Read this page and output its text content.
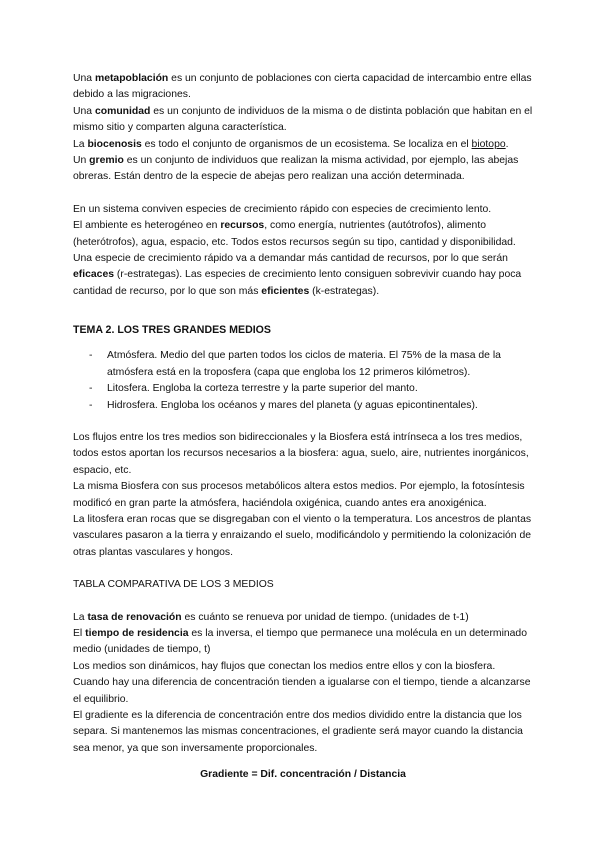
Una metapoblación es un conjunto de poblaciones con cierta capacidad de intercambio entre ellas debido a las migraciones.

Una comunidad es un conjunto de individuos de la misma o de distinta población que habitan en el mismo sitio y comparten alguna característica.

La biocenosis es todo el conjunto de organismos de un ecosistema. Se localiza en el biotopo.

Un gremio es un conjunto de individuos que realizan la misma actividad, por ejemplo, las abejas obreras. Están dentro de la especie de abejas pero realizan una acción determinada.

En un sistema conviven especies de crecimiento rápido con especies de crecimiento lento.

El ambiente es heterogéneo en recursos, como energía, nutrientes (autótrofos), alimento (heterótrofos), agua, espacio, etc. Todos estos recursos según su tipo, cantidad y disponibilidad.

Una especie de crecimiento rápido va a demandar más cantidad de recursos, por lo que serán eficaces (r-estrategas). Las especies de crecimiento lento consiguen sobrevivir cuando hay poca cantidad de recurso, por lo que son más eficientes (k-estrategas).

TEMA 2. LOS TRES GRANDES MEDIOS
- Atmósfera. Medio del que parten todos los ciclos de materia. El 75% de la masa de la atmósfera está en la troposfera (capa que engloba los 12 primeros kilómetros).
- Litosfera. Engloba la corteza terrestre y la parte superior del manto.
- Hidrosfera. Engloba los océanos y mares del planeta (y aguas epicontinentales).

Los flujos entre los tres medios son bidireccionales y la Biosfera está intrínseca a los tres medios, todos estos aportan los recursos necesarios a la biosfera: agua, suelo, aire, nutrientes inorgánicos, espacio, etc.

La misma Biosfera con sus procesos metabólicos altera estos medios. Por ejemplo, la fotosíntesis modificó en gran parte la atmósfera, haciéndola oxigénica, cuando antes era anoxigénica.

La litosfera eran rocas que se disgregaban con el viento o la temperatura. Los ancestros de plantas vasculares pasaron a la tierra y enraizando el suelo, modificándolo y permitiendo la colonización de otras plantas vasculares y hongos.

TABLA COMPARATIVA DE LOS 3 MEDIOS

La tasa de renovación es cuánto se renueva por unidad de tiempo. (unidades de t-1)

El tiempo de residencia es la inversa, el tiempo que permanece una molécula en un determinado medio (unidades de tiempo, t)

Los medios son dinámicos, hay flujos que conectan los medios entre ellos y con la biosfera.

Cuando hay una diferencia de concentración tienden a igualarse con el tiempo, tiende a alcanzarse el equilibrio.

El gradiente es la diferencia de concentración entre dos medios dividido entre la distancia que los separa. Si mantenemos las mismas concentraciones, el gradiente será mayor cuando la distancia sea menor, ya que son inversamente proporcionales.

Gradiente = Dif. concentración / Distancia
